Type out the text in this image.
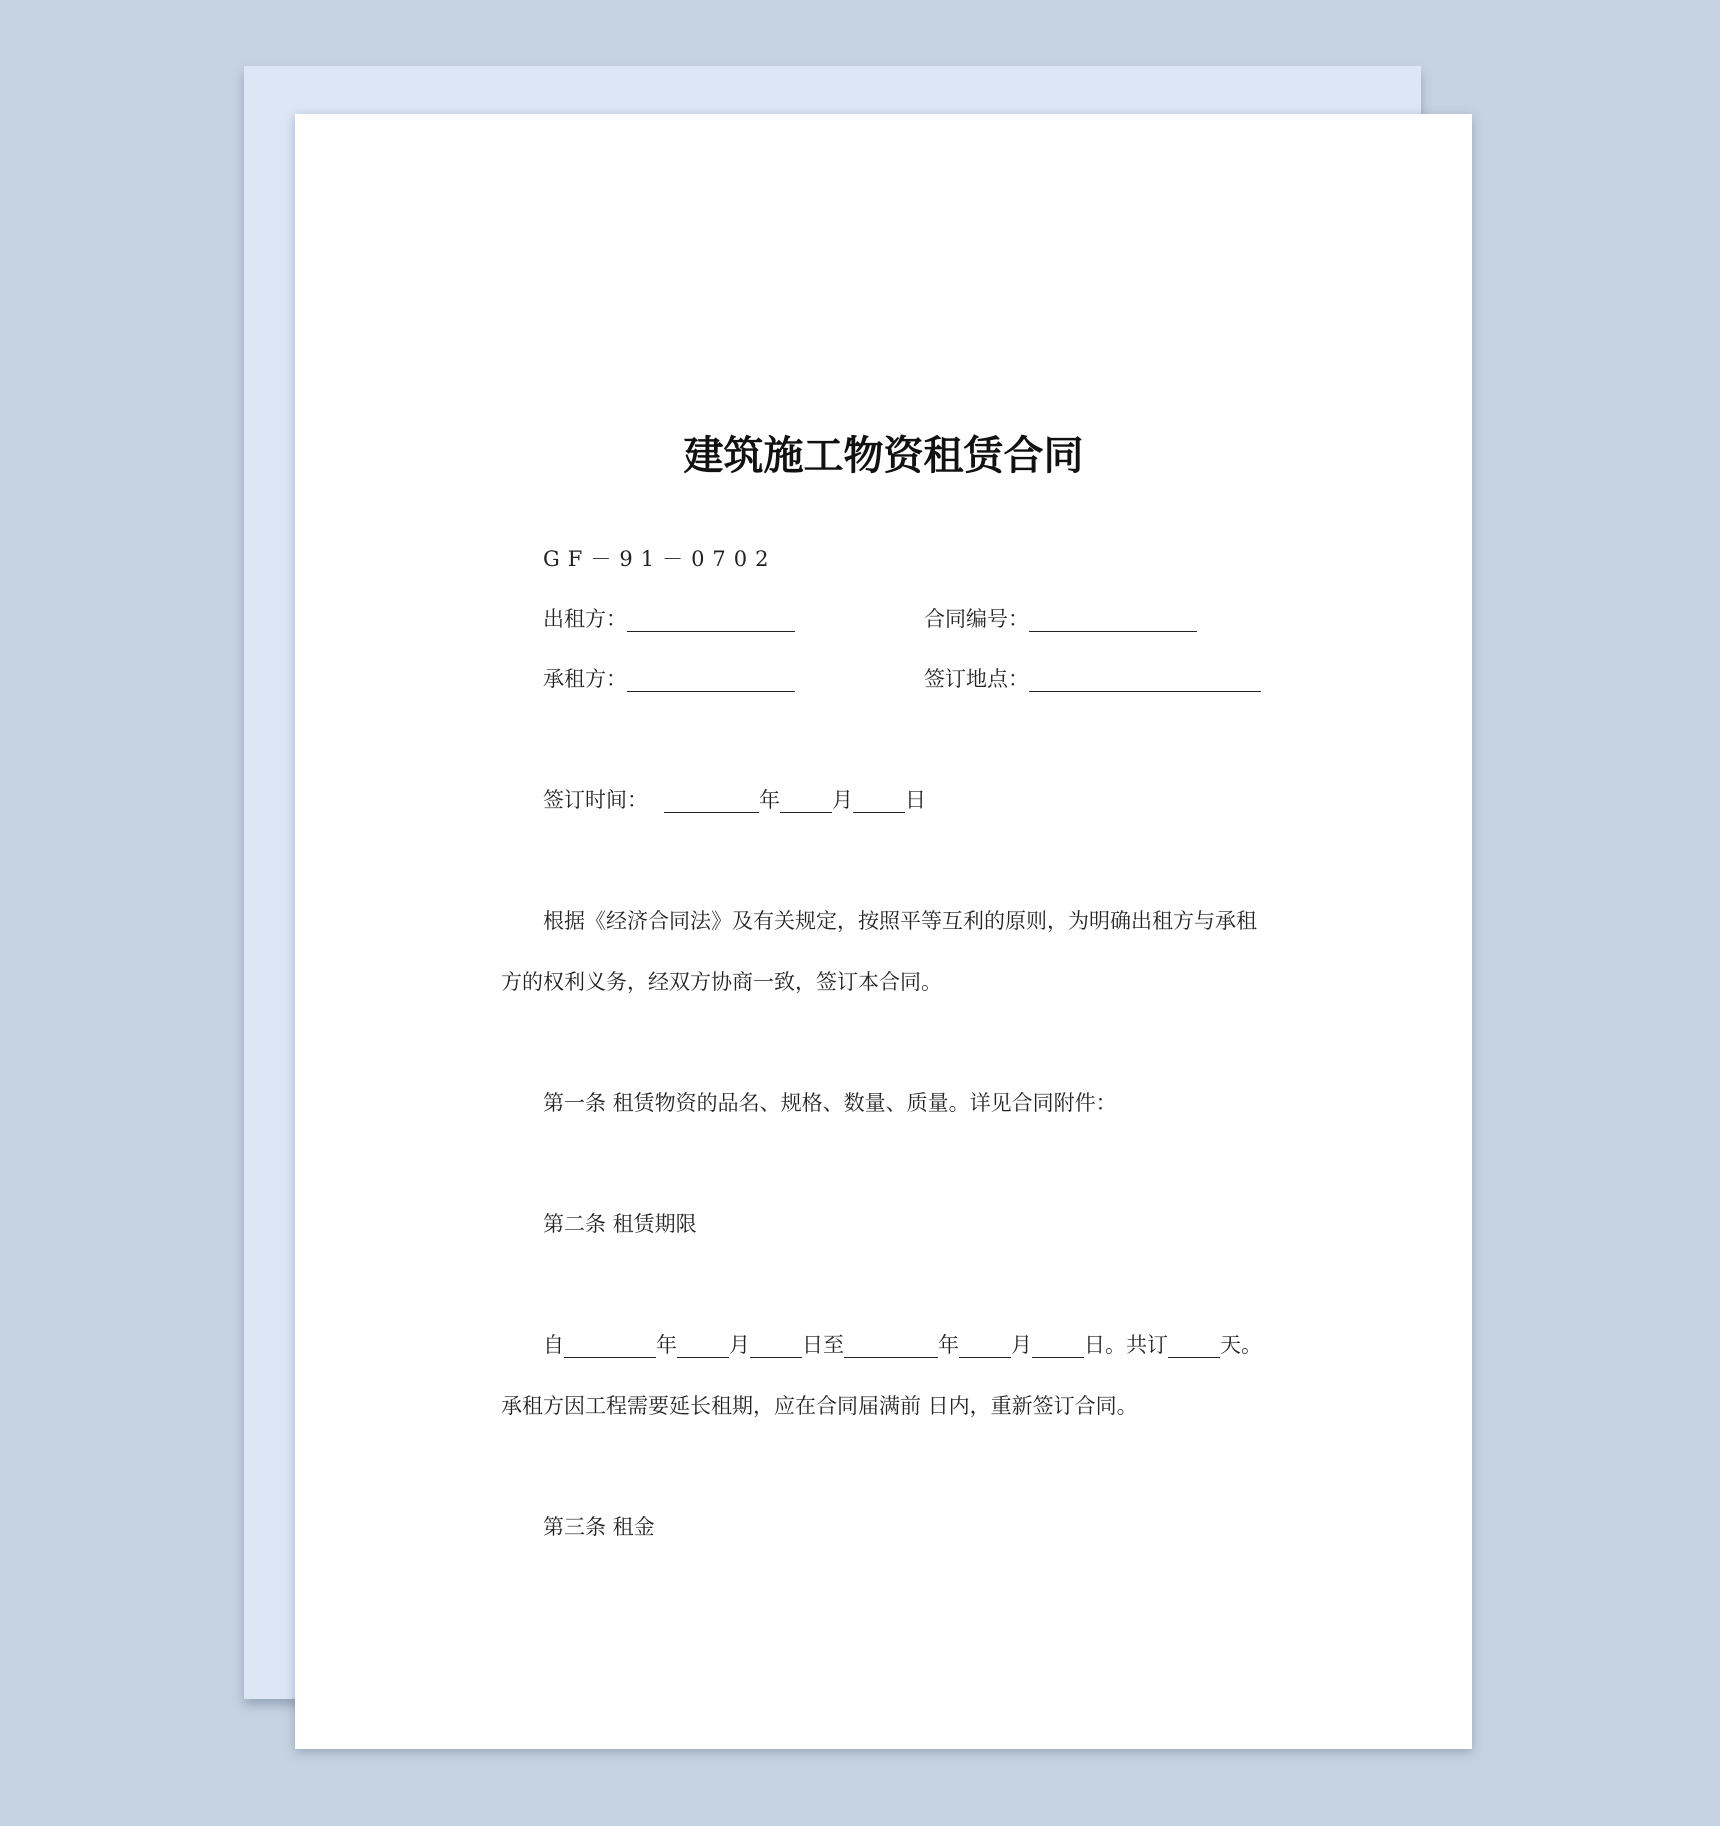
建筑施工物资租赁合同
GF－91－0702
出租方：	合同编号：
承租方：	签订地点：
签订时间：	年 月 日
根据《经济合同法》及有关规定，按照平等互利的原则，为明确出租方与承租
方的权利义务，经双方协商一致，签订本合同。
第一条 租赁物资的品名、规格、数量、质量。详见合同附件：
第二条 租赁期限
自	年 月 日至	年 月 日。共订 天。
承租方因工程需要延长租期，应在合同届满前 日内，重新签订合同。
第三条 租金
